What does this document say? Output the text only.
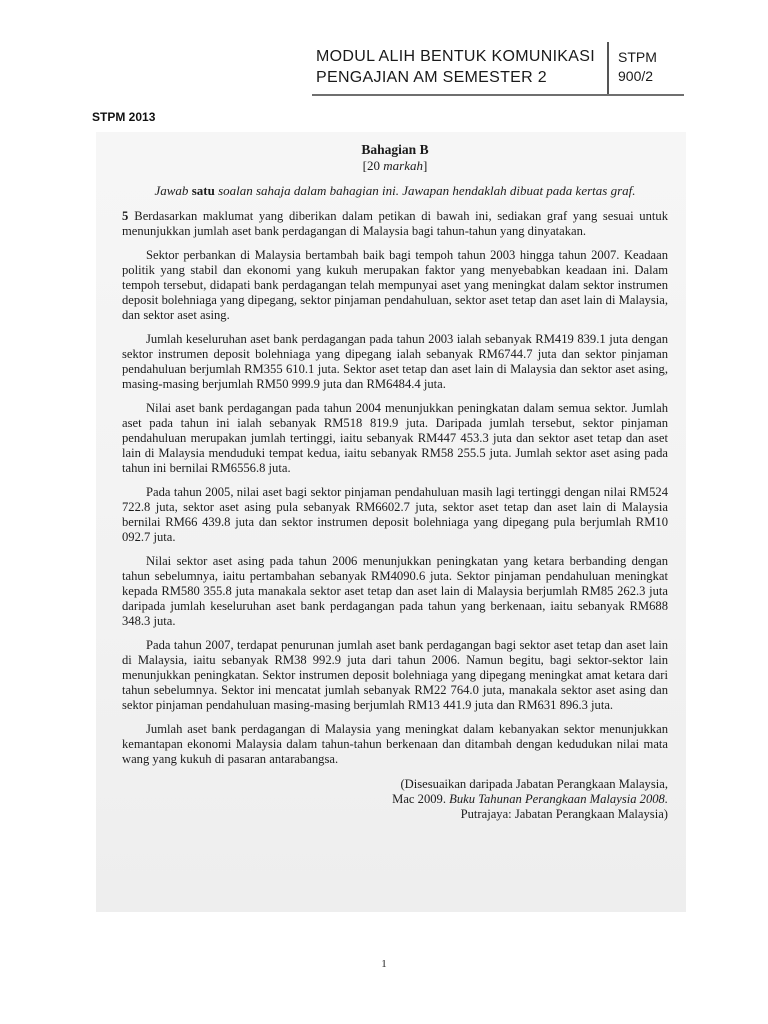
MODUL ALIH BENTUK KOMUNIKASI
PENGAJIAN AM SEMESTER 2
STPM
900/2
STPM 2013
Bahagian B
[20 markah]
Jawab satu soalan sahaja dalam bahagian ini. Jawapan hendaklah dibuat pada kertas graf.
5 Berdasarkan maklumat yang diberikan dalam petikan di bawah ini, sediakan graf yang sesuai untuk menunjukkan jumlah aset bank perdagangan di Malaysia bagi tahun-tahun yang dinyatakan.
Sektor perbankan di Malaysia bertambah baik bagi tempoh tahun 2003 hingga tahun 2007. Keadaan politik yang stabil dan ekonomi yang kukuh merupakan faktor yang menyebabkan keadaan ini. Dalam tempoh tersebut, didapati bank perdagangan telah mempunyai aset yang meningkat dalam sektor instrumen deposit bolehniaga yang dipegang, sektor pinjaman pendahuluan, sektor aset tetap dan aset lain di Malaysia, dan sektor aset asing.
Jumlah keseluruhan aset bank perdagangan pada tahun 2003 ialah sebanyak RM419 839.1 juta dengan sektor instrumen deposit bolehniaga yang dipegang ialah sebanyak RM6744.7 juta dan sektor pinjaman pendahuluan berjumlah RM355 610.1 juta. Sektor aset tetap dan aset lain di Malaysia dan sektor aset asing, masing-masing berjumlah RM50 999.9 juta dan RM6484.4 juta.
Nilai aset bank perdagangan pada tahun 2004 menunjukkan peningkatan dalam semua sektor. Jumlah aset pada tahun ini ialah sebanyak RM518 819.9 juta. Daripada jumlah tersebut, sektor pinjaman pendahuluan merupakan jumlah tertinggi, iaitu sebanyak RM447 453.3 juta dan sektor aset tetap dan aset lain di Malaysia menduduki tempat kedua, iaitu sebanyak RM58 255.5 juta. Jumlah sektor aset asing pada tahun ini bernilai RM6556.8 juta.
Pada tahun 2005, nilai aset bagi sektor pinjaman pendahuluan masih lagi tertinggi dengan nilai RM524 722.8 juta, sektor aset asing pula sebanyak RM6602.7 juta, sektor aset tetap dan aset lain di Malaysia bernilai RM66 439.8 juta dan sektor instrumen deposit bolehniaga yang dipegang pula berjumlah RM10 092.7 juta.
Nilai sektor aset asing pada tahun 2006 menunjukkan peningkatan yang ketara berbanding dengan tahun sebelumnya, iaitu pertambahan sebanyak RM4090.6 juta. Sektor pinjaman pendahuluan meningkat kepada RM580 355.8 juta manakala sektor aset tetap dan aset lain di Malaysia berjumlah RM85 262.3 juta daripada jumlah keseluruhan aset bank perdagangan pada tahun yang berkenaan, iaitu sebanyak RM688 348.3 juta.
Pada tahun 2007, terdapat penurunan jumlah aset bank perdagangan bagi sektor aset tetap dan aset lain di Malaysia, iaitu sebanyak RM38 992.9 juta dari tahun 2006. Namun begitu, bagi sektor-sektor lain menunjukkan peningkatan. Sektor instrumen deposit bolehniaga yang dipegang meningkat amat ketara dari tahun sebelumnya. Sektor ini mencatat jumlah sebanyak RM22 764.0 juta, manakala sektor aset asing dan sektor pinjaman pendahuluan masing-masing berjumlah RM13 441.9 juta dan RM631 896.3 juta.
Jumlah aset bank perdagangan di Malaysia yang meningkat dalam kebanyakan sektor menunjukkan kemantapan ekonomi Malaysia dalam tahun-tahun berkenaan dan ditambah dengan kedudukan nilai mata wang yang kukuh di pasaran antarabangsa.
(Disesuaikan daripada Jabatan Perangkaan Malaysia,
Mac 2009. Buku Tahunan Perangkaan Malaysia 2008.
Putrajaya: Jabatan Perangkaan Malaysia)
1
